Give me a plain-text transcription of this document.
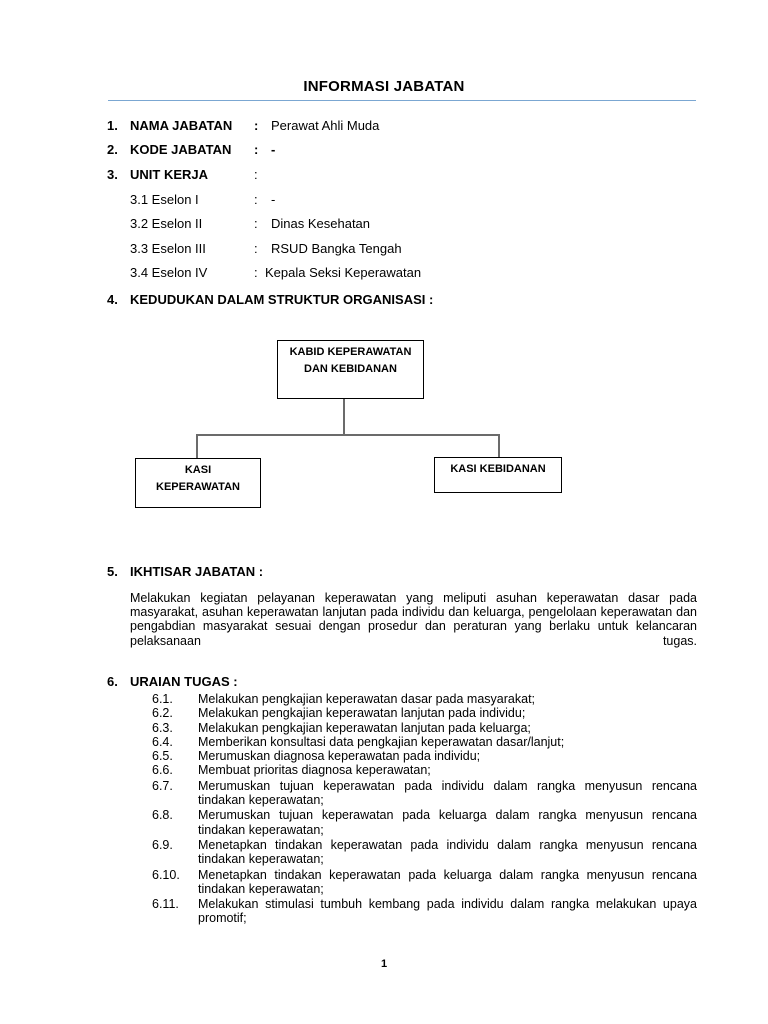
INFORMASI JABATAN
1. NAMA JABATAN : Perawat Ahli Muda
2. KODE JABATAN : -
3. UNIT KERJA	:
3.1 Eselon I	: -
3.2 Eselon II	: Dinas Kesehatan
3.3 Eselon III	: RSUD Bangka Tengah
3.4 Eselon IV	: Kepala Seksi Keperawatan
4. KEDUDUKAN DALAM STRUKTUR ORGANISASI :
KABID KEPERAWATAN
DAN KEBIDANAN
KASI
KEPERAWATAN
KASI KEBIDANAN
5. IKHTISAR JABATAN :
Melakukan kegiatan pelayanan keperawatan yang meliputi asuhan keperawatan dasar pada masyarakat, asuhan keperawatan lanjutan pada individu dan keluarga, pengelolaan keperawatan dan pengabdian masyarakat sesuai dengan prosedur dan peraturan yang berlaku untuk kelancaran pelaksanaan tugas.
6. URAIAN TUGAS :
6.1. Melakukan pengkajian keperawatan dasar pada masyarakat;
6.2. Melakukan pengkajian keperawatan lanjutan pada individu;
6.3. Melakukan pengkajian keperawatan lanjutan pada keluarga;
6.4. Memberikan konsultasi data pengkajian keperawatan dasar/lanjut;
6.5. Merumuskan diagnosa keperawatan pada individu;
6.6. Membuat prioritas diagnosa keperawatan;
6.7. Merumuskan tujuan keperawatan pada individu dalam rangka menyusun rencana tindakan keperawatan;
6.8. Merumuskan tujuan keperawatan pada keluarga dalam rangka menyusun rencana tindakan keperawatan;
6.9. Menetapkan tindakan keperawatan pada individu dalam rangka menyusun rencana tindakan keperawatan;
6.10. Menetapkan tindakan keperawatan pada keluarga dalam rangka menyusun rencana tindakan keperawatan;
6.11. Melakukan stimulasi tumbuh kembang pada individu dalam rangka melakukan upaya promotif;
1
